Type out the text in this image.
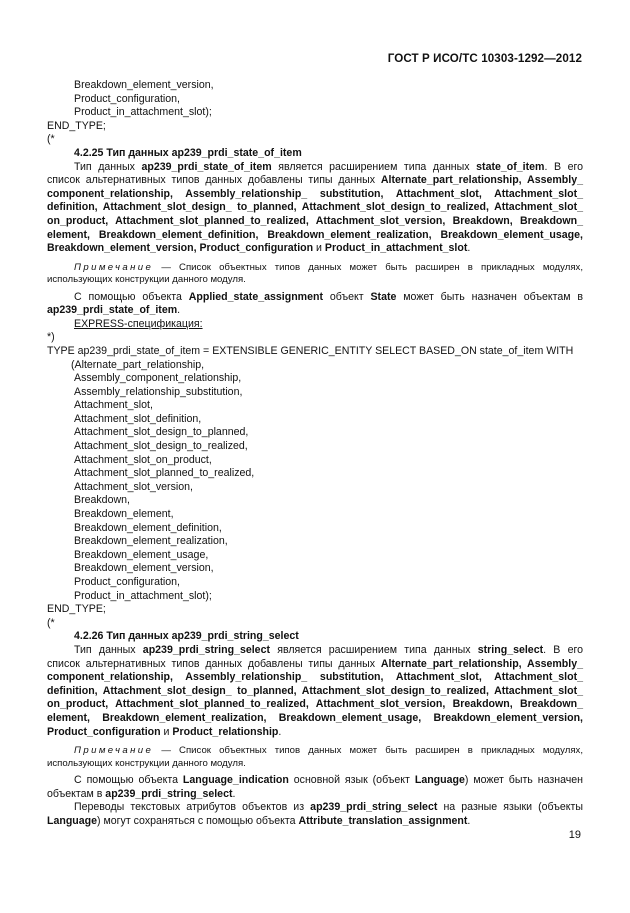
ГОСТ Р ИСО/ТС 10303-1292—2012
Breakdown_element_version,
Product_configuration,
Product_in_attachment_slot);
END_TYPE;
(*
4.2.25 Тип данных ap239_prdi_state_of_item
Тип данных ap239_prdi_state_of_item является расширением типа данных state_of_item. В его
список альтернативных типов данных добавлены типы данных Alternate_part_relationship, Assembly_
component_relationship, Assembly_relationship_ substitution, Attachment_slot, Attachment_slot_
definition, Attachment_slot_design_ to_planned, Attachment_slot_design_to_realized, Attachment_slot_
on_product, Attachment_slot_planned_to_realized, Attachment_slot_version, Breakdown, Breakdown_
element, Breakdown_element_definition, Breakdown_element_realization, Breakdown_element_usage,
Breakdown_element_version, Product_configuration и Product_in_attachment_slot.
Примечание — Список объектных типов данных может быть расширен в прикладных модулях,
использующих конструкции данного модуля.
С помощью объекта Applied_state_assignment объект State может быть назначен объектам в
ap239_prdi_state_of_item.
EXPRESS-спецификация:
*)
TYPE ap239_prdi_state_of_item = EXTENSIBLE GENERIC_ENTITY SELECT BASED_ON state_of_item WITH
(Alternate_part_relationship,
Assembly_component_relationship,
Assembly_relationship_substitution,
Attachment_slot,
Attachment_slot_definition,
Attachment_slot_design_to_planned,
Attachment_slot_design_to_realized,
Attachment_slot_on_product,
Attachment_slot_planned_to_realized,
Attachment_slot_version,
Breakdown,
Breakdown_element,
Breakdown_element_definition,
Breakdown_element_realization,
Breakdown_element_usage,
Breakdown_element_version,
Product_configuration,
Product_in_attachment_slot);
END_TYPE;
(*
4.2.26 Тип данных ap239_prdi_string_select
Тип данных ap239_prdi_string_select является расширением типа данных string_select. В его
список альтернативных типов данных добавлены типы данных Alternate_part_relationship, Assembly_
component_relationship, Assembly_relationship_ substitution, Attachment_slot, Attachment_slot_
definition, Attachment_slot_design_ to_planned, Attachment_slot_design_to_realized, Attachment_slot_
on_product, Attachment_slot_planned_to_realized, Attachment_slot_version, Breakdown, Breakdown_
element, Breakdown_element_realization, Breakdown_element_usage, Breakdown_element_version,
Product_configuration и Product_relationship.
Примечание — Список объектных типов данных может быть расширен в прикладных модулях,
использующих конструкции данного модуля.
С помощью объекта Language_indication основной язык (объект Language) может быть назначен
объектам в ap239_prdi_string_select.
Переводы текстовых атрибутов объектов из ap239_prdi_string_select на разные языки (объекты
Language) могут сохраняться с помощью объекта Attribute_translation_assignment.
19
